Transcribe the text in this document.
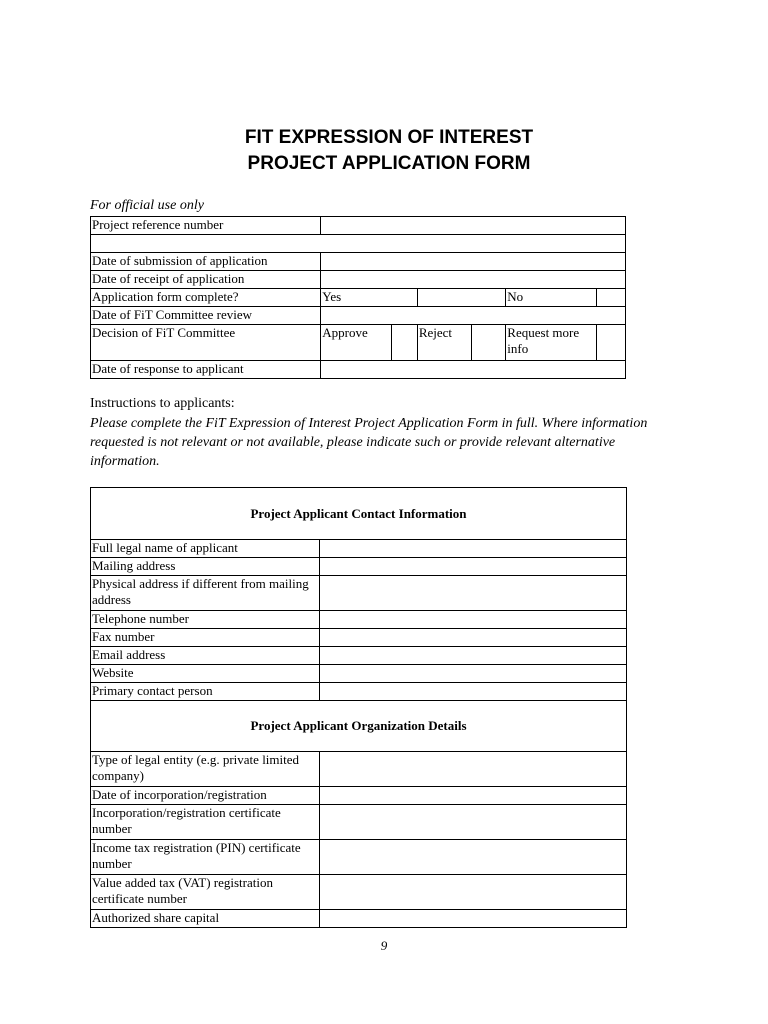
FIT EXPRESSION OF INTEREST
PROJECT APPLICATION FORM
For official use only
Project reference number						

Date of submission of application						
Date of receipt of application						
Application form complete?	Yes				No	
Date of FiT Committee review						
Decision of FiT Committee	Approve		Reject		Request more info	
Date of response to applicant						
Instructions to applicants:
Please complete the FiT Expression of Interest Project Application Form in full. Where information requested is not relevant or not available, please indicate such or provide relevant alternative information.
Project Applicant Contact Information	
Full legal name of applicant	
Mailing address	
Physical address if different from mailing address	
Telephone number	
Fax number	
Email address	
Website	
Primary contact person	
Project Applicant Organization Details	
Type of legal entity (e.g. private limited company)	
Date of incorporation/registration	
Incorporation/registration certificate number	
Income tax registration (PIN) certificate number	
Value added tax (VAT) registration certificate number	
Authorized share capital	
9
